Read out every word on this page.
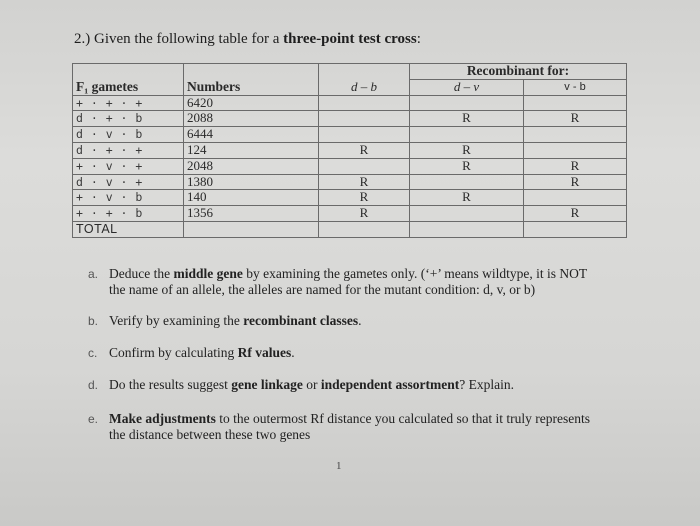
2.) Given the following table for a three-point test cross:
			Recombinant for:	
F₁ gametes	Numbers	d – b	d – v	v - b
+ · + · +	6420			
d · + · b	2088		R	R
d · v · b	6444			
d · + · +	124	R	R	
+ · v · +	2048		R	R
d · v · +	1380	R		R
+ · v · b	140	R	R	
+ · + · b	1356	R		R
TOTAL				
a. Deduce the middle gene by examining the gametes only. (‘+’ means wildtype, it is NOT
the name of an allele, the alleles are named for the mutant condition: d, v, or b)
b. Verify by examining the recombinant classes.
c. Confirm by calculating Rf values.
d. Do the results suggest gene linkage or independent assortment? Explain.
e. Make adjustments to the outermost Rf distance you calculated so that it truly represents
the distance between these two genes
1
